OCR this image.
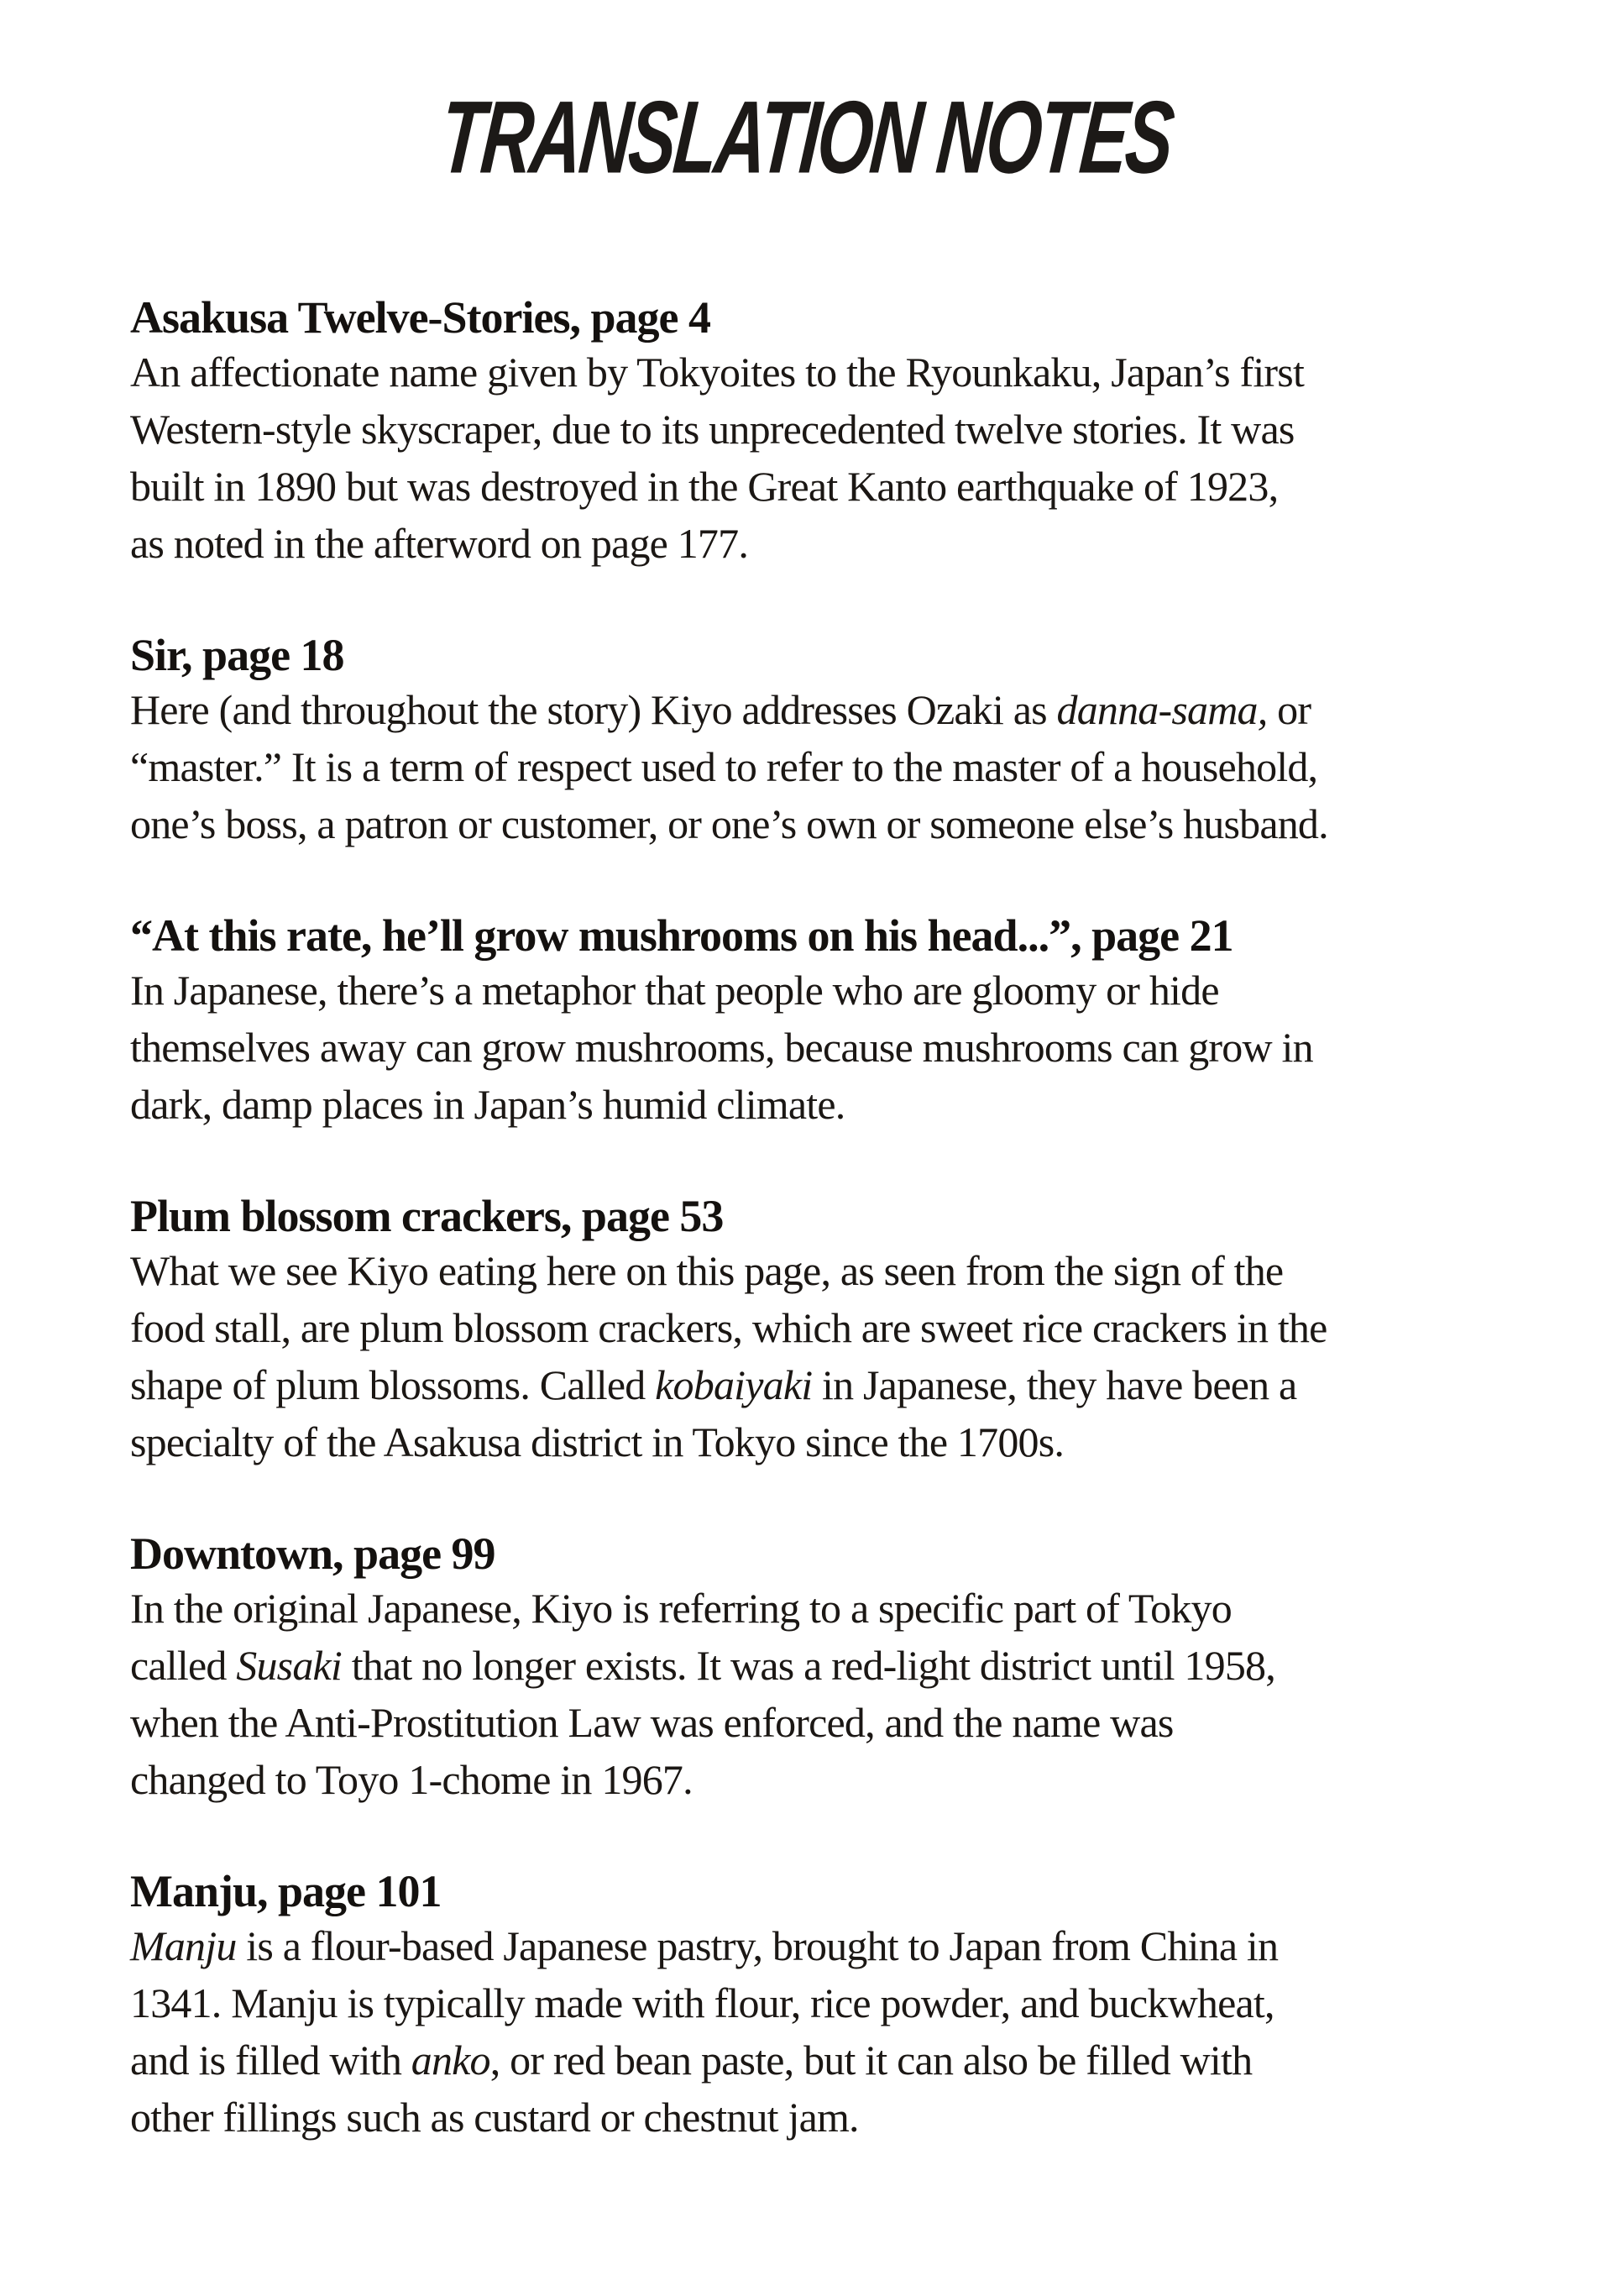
TRANSLATION NOTES
Asakusa Twelve-Stories, page 4

An affectionate name given by Tokyoites to the Ryounkaku, Japan’s first
Western-style skyscraper, due to its unprecedented twelve stories. It was
built in 1890 but was destroyed in the Great Kanto earthquake of 1923,
as noted in the afterword on page 177.

Sir, page 18

Here (and throughout the story) Kiyo addresses Ozaki as danna-sama, or
“master.” It is a term of respect used to refer to the master of a household,
one’s boss, a patron or customer, or one’s own or someone else’s husband.

“At this rate, he’ll grow mushrooms on his head...”, page 21

In Japanese, there’s a metaphor that people who are gloomy or hide
themselves away can grow mushrooms, because mushrooms can grow in
dark, damp places in Japan’s humid climate.

Plum blossom crackers, page 53

What we see Kiyo eating here on this page, as seen from the sign of the
food stall, are plum blossom crackers, which are sweet rice crackers in the
shape of plum blossoms. Called kobaiyaki in Japanese, they have been a
specialty of the Asakusa district in Tokyo since the 1700s.

Downtown, page 99

In the original Japanese, Kiyo is referring to a specific part of Tokyo
called Susaki that no longer exists. It was a red-light district until 1958,
when the Anti-Prostitution Law was enforced, and the name was
changed to Toyo 1-chome in 1967.

Manju, page 101

Manju is a flour-based Japanese pastry, brought to Japan from China in
1341. Manju is typically made with flour, rice powder, and buckwheat,
and is filled with anko, or red bean paste, but it can also be filled with
other fillings such as custard or chestnut jam.
